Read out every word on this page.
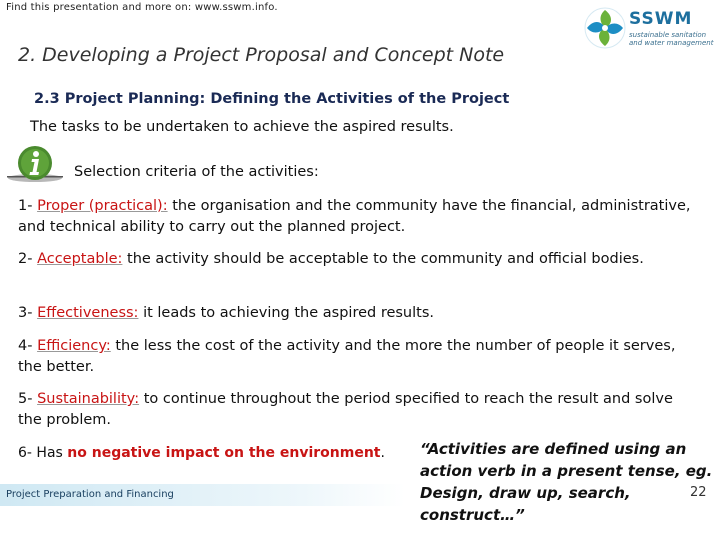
Find this presentation and more on: www.sswm.info.
SSWM
sustainable sanitation
and water management
2. Developing a Project Proposal and Concept Note
2.3 Project Planning: Defining the Activities of the Project
The tasks to be undertaken to achieve the aspired results.
Selection criteria of the activities:
1- Proper (practical): the organisation and the community have the financial, administrative, and technical ability to carry out the planned project.
2- Acceptable: the activity should be acceptable to the community and official bodies.
3- Effectiveness: it leads to achieving the aspired results.
4- Efficiency: the less the cost of the activity and the more the number of people it serves, the better.
5- Sustainability: to continue throughout the period specified to reach the result and solve the problem.
6- Has no negative impact on the environment.	“Activities are defined using an action verb in a present tense, eg. Design, draw up, search, construct…”
Project Preparation and Financing	22
